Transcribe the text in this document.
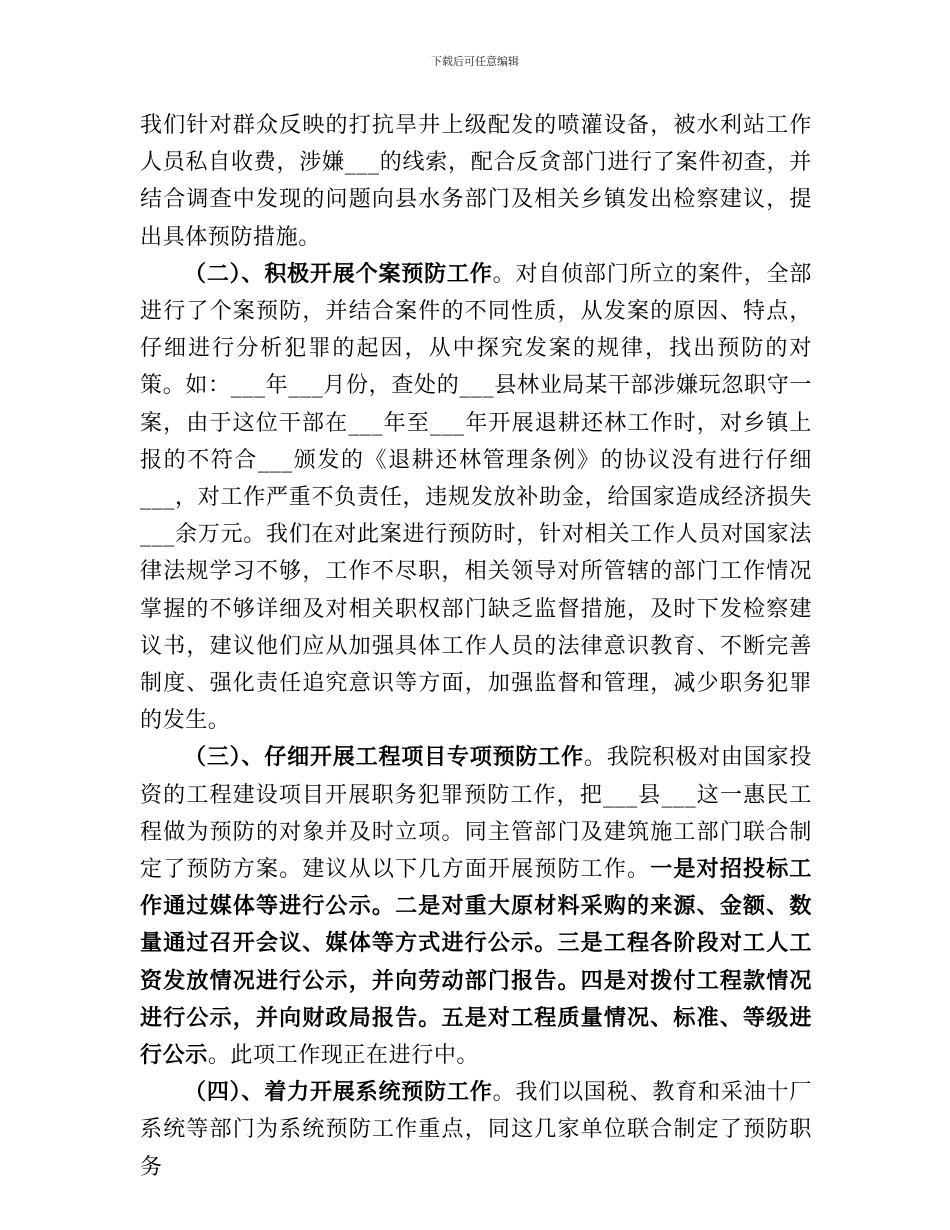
下载后可任意编辑

我们针对群众反映的打抗旱井上级配发的喷灌设备，被水利站工作人员私自收费，涉嫌___的线索，配合反贪部门进行了案件初查，并结合调查中发现的问题向县水务部门及相关乡镇发出检察建议，提出具体预防措施。

（二）、积极开展个案预防工作。对自侦部门所立的案件，全部进行了个案预防，并结合案件的不同性质，从发案的原因、特点，仔细进行分析犯罪的起因，从中探究发案的规律，找出预防的对策。如：___年___月份，查处的___县林业局某干部涉嫌玩忽职守一案，由于这位干部在___年至___年开展退耕还林工作时，对乡镇上报的不符合___颁发的《退耕还林管理条例》的协议没有进行仔细___，对工作严重不负责任，违规发放补助金，给国家造成经济损失___余万元。我们在对此案进行预防时，针对相关工作人员对国家法律法规学习不够，工作不尽职，相关领导对所管辖的部门工作情况掌握的不够详细及对相关职权部门缺乏监督措施，及时下发检察建议书，建议他们应从加强具体工作人员的法律意识教育、不断完善制度、强化责任追究意识等方面，加强监督和管理，减少职务犯罪的发生。

（三）、仔细开展工程项目专项预防工作。我院积极对由国家投资的工程建设项目开展职务犯罪预防工作，把___县___这一惠民工程做为预防的对象并及时立项。同主管部门及建筑施工部门联合制定了预防方案。建议从以下几方面开展预防工作。一是对招投标工作通过媒体等进行公示。二是对重大原材料采购的来源、金额、数量通过召开会议、媒体等方式进行公示。三是工程各阶段对工人工资发放情况进行公示，并向劳动部门报告。四是对拨付工程款情况进行公示，并向财政局报告。五是对工程质量情况、标准、等级进行公示。此项工作现正在进行中。

（四）、着力开展系统预防工作。我们以国税、教育和采油十厂系统等部门为系统预防工作重点，同这几家单位联合制定了预防职务
